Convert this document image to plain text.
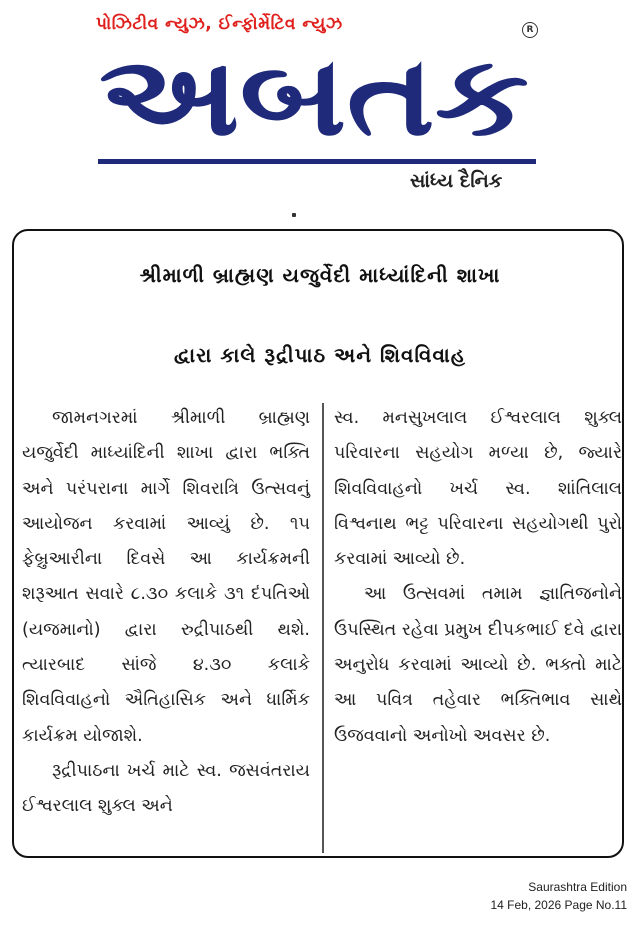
પોઝિટીવ ન્યુઝ, ઈન્ફોર્મેટિવ ન્યુઝ	R
અબતક
સાંધ્ય દૈનિક
શ્રીમાળી બ્રાહ્મણ યજુર્વેદી માધ્યાંદિની શાખા
દ્વારા કાલે રૂદ્રીપાઠ અને શિવવિવાહ

જામનગરમાં શ્રીમાળી બ્રાહ્મણ યજુર્વેદી માધ્યાંદિની શાખા દ્વારા ભક્તિ અને પરંપરાના માર્ગે શિવરાત્રિ ઉત્સવનું આયોજન કરવામાં આવ્યું છે. ૧૫ ફેબ્રુઆરીના દિવસે આ કાર્યક્રમની શરૂઆત સવારે ૮.૩૦ કલાકે ૩૧ દંપતિઓ (યજમાનો) દ્વારા રુદ્રીપાઠથી થશે. ત્યારબાદ સાંજે ૪.૩૦ કલાકે શિવવિવાહનો ઐતિહાસિક અને ધાર્મિક કાર્યક્રમ યોજાશે.

રૂદ્રીપાઠના ખર્ચ માટે સ્વ. જસવંતરાય ઈશ્વરલાલ શુક્લ અને

સ્વ. મનસુખલાલ ઈશ્વરલાલ શુક્લ પરિવારના સહયોગ મળ્યા છે, જ્યારે શિવવિવાહનો ખર્ચ સ્વ. શાંતિલાલ વિશ્વનાથ ભટ્ટ પરિવારના સહયોગથી પુરો કરવામાં આવ્યો છે.

આ ઉત્સવમાં તમામ જ્ઞાતિજનોને ઉપસ્થિત રહેવા પ્રમુખ દીપકભાઈ દવે દ્વારા અનુરોધ કરવામાં આવ્યો છે. ભક્તો માટે આ પવિત્ર તહેવાર ભક્તિભાવ સાથે ઉજવવાનો અનોખો અવસર છે.

Saurashtra Edition
14 Feb, 2026 Page No.11
